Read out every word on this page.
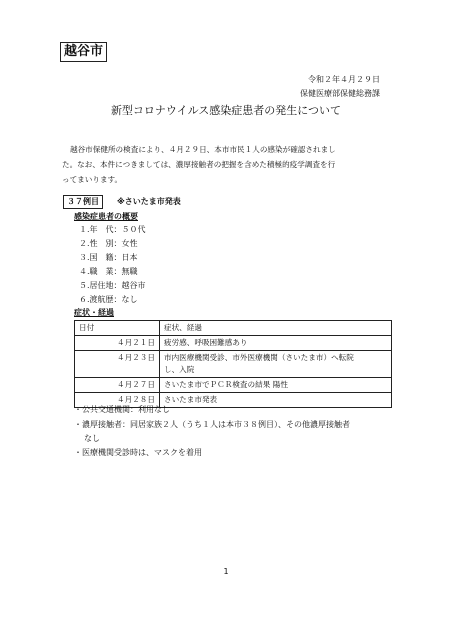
越谷市
令和２年４月２９日
保健医療部保健総務課
新型コロナウイルス感染症患者の発生について
越谷市保健所の検査により、４月２９日、本市市民１人の感染が確認されまし
た。なお、本件につきましては、濃厚接触者の把握を含めた積極的疫学調査を行
ってまいります。
３７例目	※さいたま市発表
感染症患者の概要
１.年　代：５０代
２.性　別：女性
３.国　籍：日本
４.職　業：無職
５.居住地：越谷市
６.渡航歴：なし
症状・経過
日付	症状、経過
４月２１日	疲労感、呼吸困難感あり
４月２３日	市内医療機関受診、市外医療機関（さいたま市）へ転院
し、入院

４月２７日	さいたま市でＰＣＲ検査の結果 陽性
４月２８日	さいたま市発表
・公共交通機関：利用なし
・濃厚接触者：同居家族２人（うち１人は本市３８例目）、その他濃厚接触者
なし
・医療機関受診時は、マスクを着用
1
